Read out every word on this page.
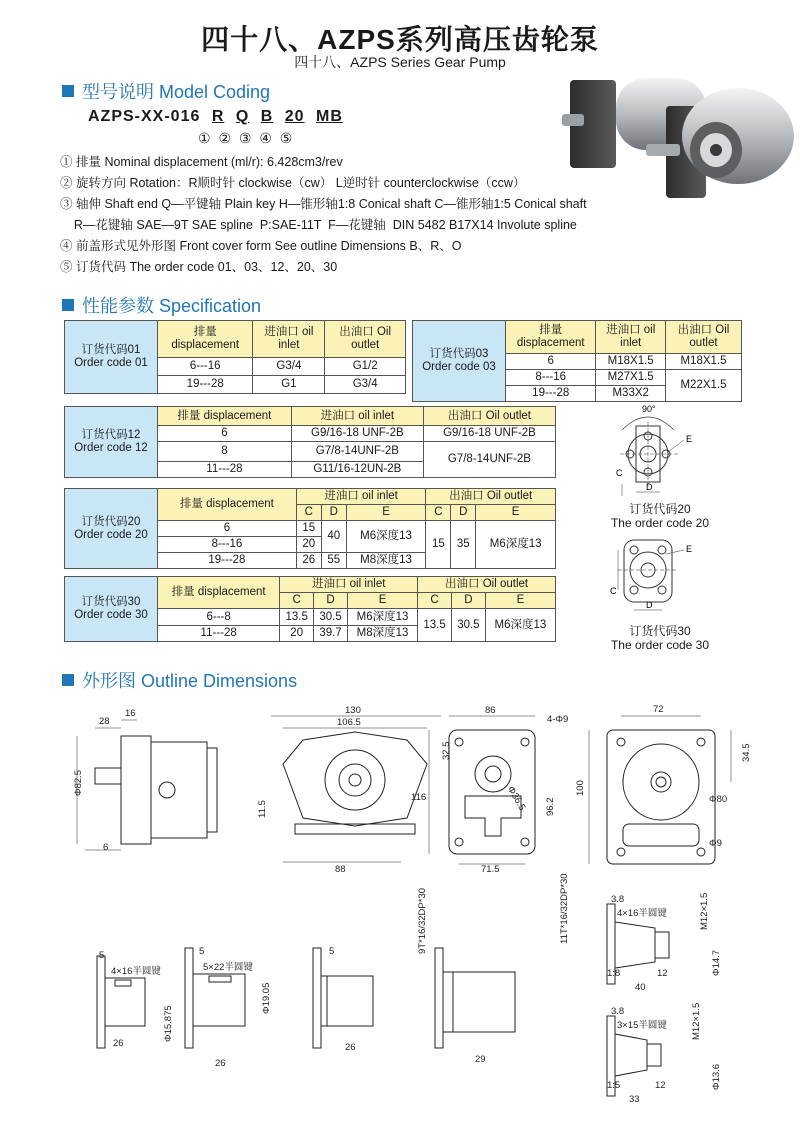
四十八、AZPS系列高压齿轮泵
四十八、AZPS Series Gear Pump
型号说明 Model Coding
AZPS-XX-016 R Q B 20 MB
① ② ③ ④ ⑤
① 排量 Nominal displacement (ml/r): 6.428cm3/rev
② 旋转方向 Rotation：R顺时针 clockwise（cw） L逆时针 counterclockwise（ccw）
③ 轴伸 Shaft end Q—平键轴 Plain key H—锥形轴1:8 Conical shaft C—锥形轴1:5 Conical shaft
R—花键轴 SAE—9T SAE spline  P:SAE-11T  F—花键轴  DIN 5482 B17X14 Involute spline
④ 前盖形式见外形图 Front cover form See outline Dimensions B、R、O
⑤ 订货代码 The order code 01、03、12、20、30
性能参数 Specification
订货代码01
Order code 01	排量 displacement	进油口 oil inlet	出油口 Oil outlet
	6---16	G3/4	G1/2
	19---28	G1	G3/4
订货代码03
Order code 03	排量 displacement	进油口 oil inlet	出油口 Oil outlet
	6	M18X1.5	M18X1.5
	8---16	M27X1.5	M22X1.5
	19---28	M33X2	
订货代码12
Order code 12	排量 displacement	进油口 oil inlet	出油口 Oil outlet
	6	G9/16-18 UNF-2B	G9/16-18 UNF-2B
	8	G7/8-14UNF-2B	G7/8-14UNF-2B
	11---28	G11/16-12UN-2B	
订货代码20
Order code 20	排量 displacement	进油口 oil inlet			出油口 Oil outlet		
		C	D	E	C	D	E
	6	15	40	M6深度13	15	35	M6深度13
	8---16	20					
	19---28	26	55	M8深度13			
订货代码30
Order code 30	排量 displacement	进油口 oil inlet			出油口 Oil outlet		
		C	D	E	C	D	E
	6---8	13.5	30.5	M6深度13	13.5	30.5	M6深度13
	11---28	20	39.7	M8深度13			
90°
E
C
D
订货代码20
The order code 20
E
C
D
订货代码30
The order code 30
外形图 Outline Dimensions
28
16
Φ82.5
6
130
106.5
11.5
88
86
4-Φ9
32.5
116	Φ36.5 96.2
71.5
72
34.5
100
Φ80
Φ9
5
4×16半圆键
26
Φ15.875
5
5×22半圆键
Φ19.05
26
5	9T*16/32DP*30
26
11T*16/32DP*30
29
3.8
4×16半圆键	M12×1.5
1:8
40
12	Φ14.7
3.8
3×15半圆键	M12×1.5
1:5	12
33
Φ13.6
